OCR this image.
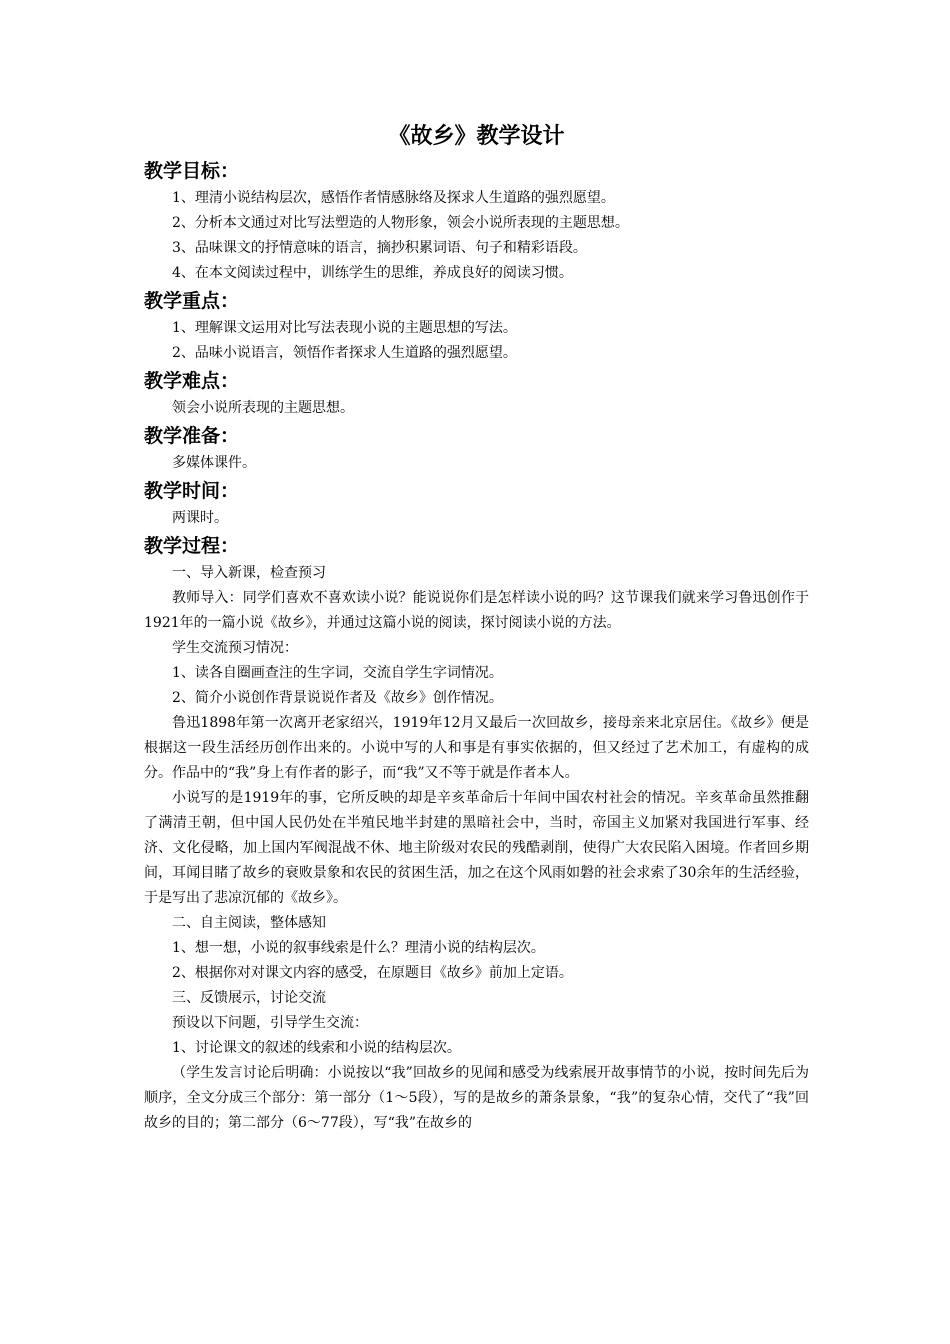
《故乡》教学设计
教学目标：

1、理清小说结构层次，感悟作者情感脉络及探求人生道路的强烈愿望。

2、分析本文通过对比写法塑造的人物形象，领会小说所表现的主题思想。

3、品味课文的抒情意味的语言，摘抄积累词语、句子和精彩语段。

4、在本文阅读过程中，训练学生的思维，养成良好的阅读习惯。

教学重点：

1、理解课文运用对比写法表现小说的主题思想的写法。

2、品味小说语言，领悟作者探求人生道路的强烈愿望。

教学难点：

领会小说所表现的主题思想。

教学准备：

多媒体课件。

教学时间：

两课时。

教学过程：

一、导入新课，检查预习

教师导入：同学们喜欢不喜欢读小说？能说说你们是怎样读小说的吗？这节课我们就来学习鲁迅创作于1921年的一篇小说《故乡》，并通过这篇小说的阅读，探讨阅读小说的方法。

学生交流预习情况：

1、读各自圈画查注的生字词，交流自学生字词情况。

2、简介小说创作背景说说作者及《故乡》创作情况。

鲁迅1898年第一次离开老家绍兴，1919年12月又最后一次回故乡，接母亲来北京居住。《故乡》便是根据这一段生活经历创作出来的。小说中写的人和事是有事实依据的，但又经过了艺术加工，有虚构的成分。作品中的“我”身上有作者的影子，而“我”又不等于就是作者本人。

小说写的是1919年的事，它所反映的却是辛亥革命后十年间中国农村社会的情况。辛亥革命虽然推翻了满清王朝，但中国人民仍处在半殖民地半封建的黑暗社会中，当时，帝国主义加紧对我国进行军事、经济、文化侵略，加上国内军阀混战不休、地主阶级对农民的残酷剥削，使得广大农民陷入困境。作者回乡期间，耳闻目睹了故乡的衰败景象和农民的贫困生活，加之在这个风雨如磐的社会求索了30余年的生活经验，于是写出了悲凉沉郁的《故乡》。

二、自主阅读，整体感知

1、想一想，小说的叙事线索是什么？理清小说的结构层次。

2、根据你对对课文内容的感受，在原题目《故乡》前加上定语。

三、反馈展示，讨论交流

预设以下问题，引导学生交流：

1、讨论课文的叙述的线索和小说的结构层次。

（学生发言讨论后明确：小说按以“我”回故乡的见闻和感受为线索展开故事情节的小说，按时间先后为顺序，全文分成三个部分：第一部分（1～5段），写的是故乡的萧条景象，“我”的复杂心情，交代了“我”回故乡的目的；第二部分（6～77段），写“我”在故乡的
